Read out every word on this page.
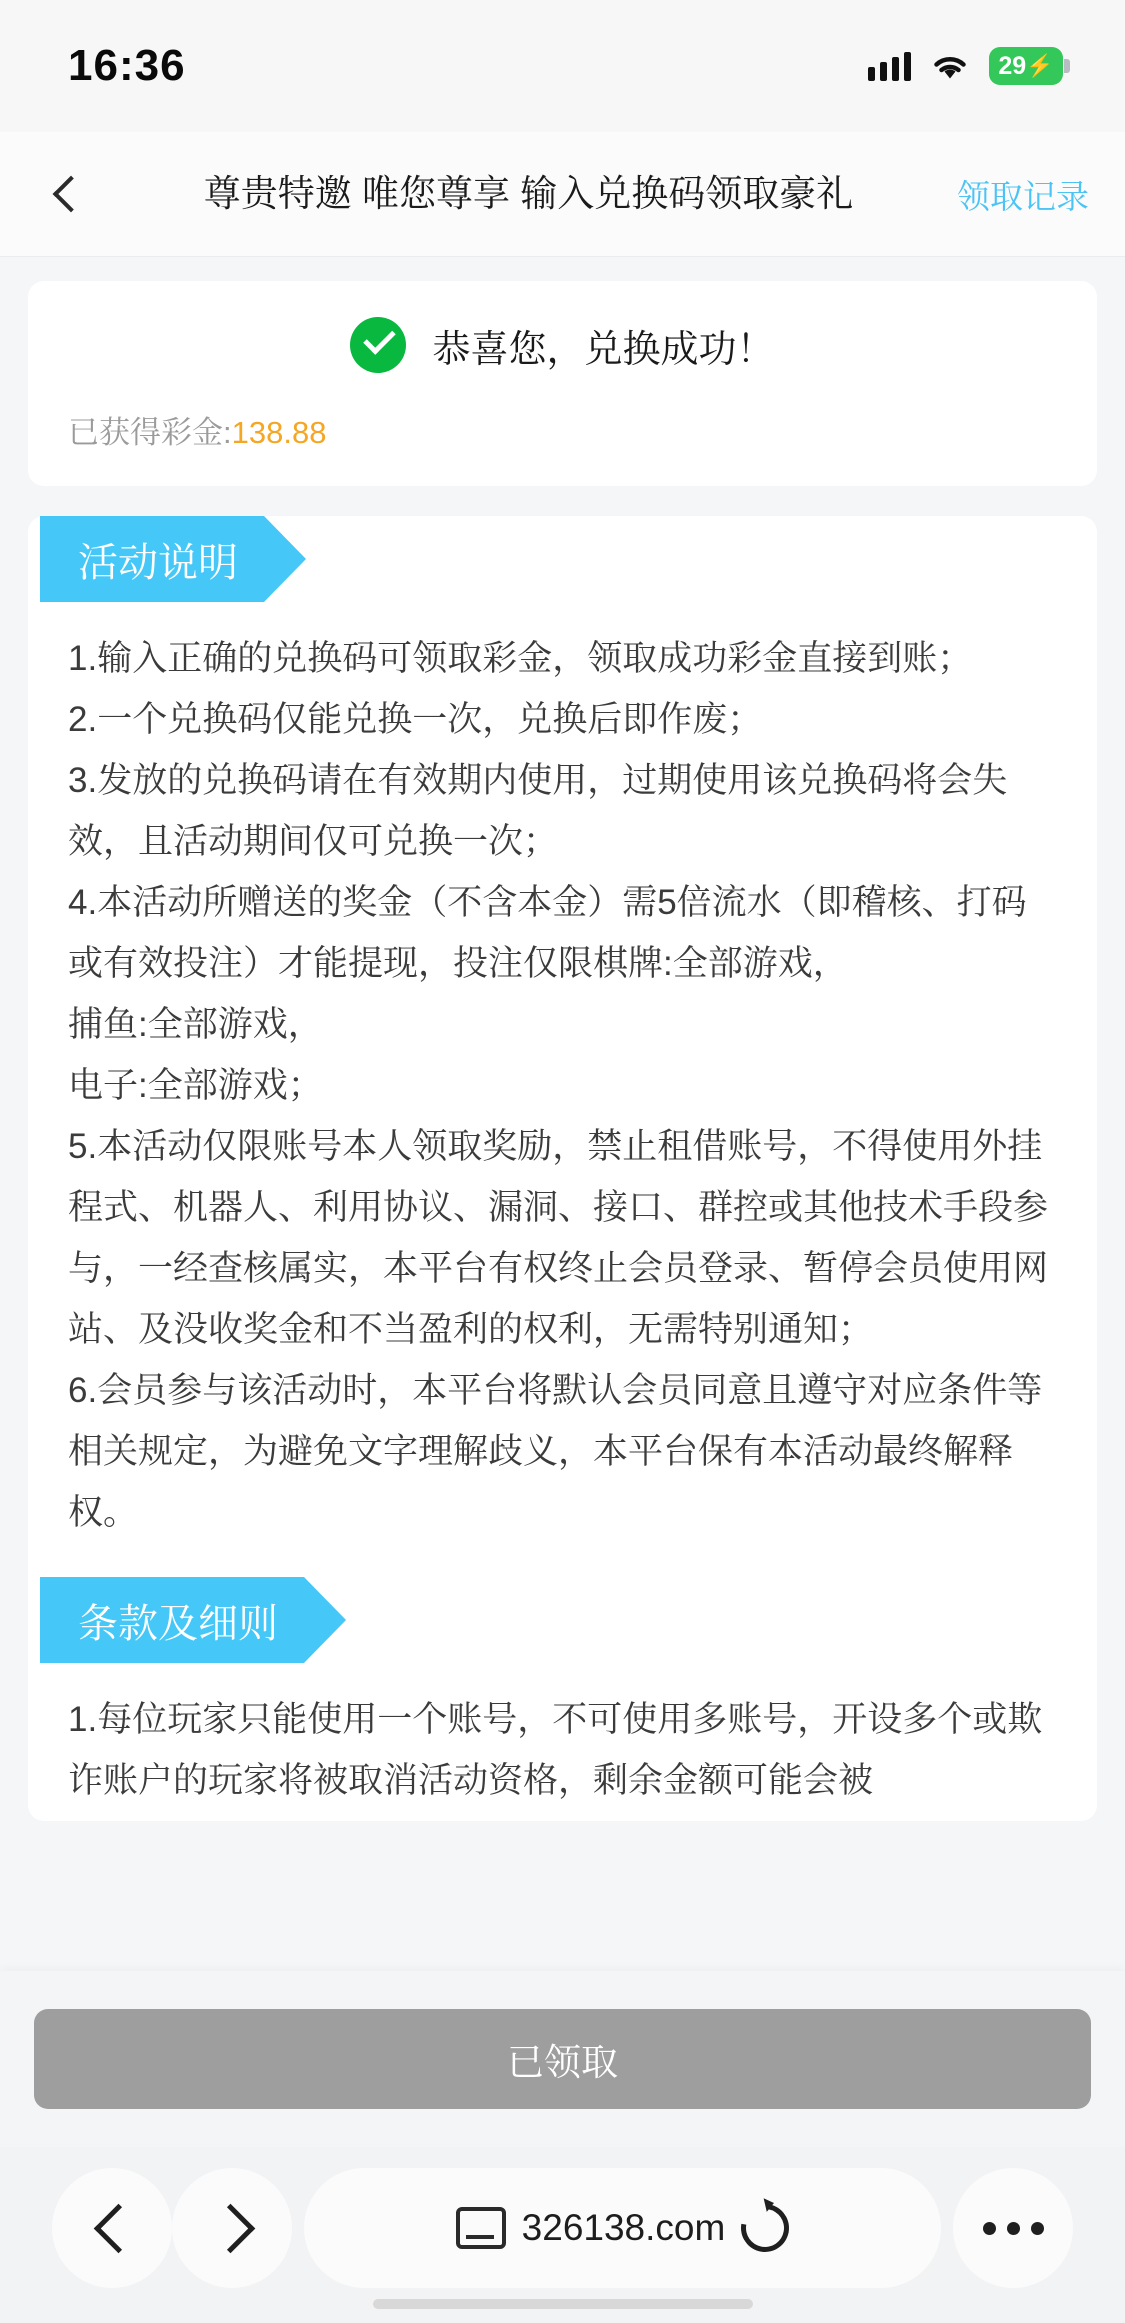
16:36	29 ⚡
尊贵特邀 唯您尊享 输入兑换码领取豪礼	领取记录
恭喜您，兑换成功！
已获得彩金:138.88
活动说明

1.输入正确的兑换码可领取彩金，领取成功彩金直接到账；

2.一个兑换码仅能兑换一次，兑换后即作废；

3.发放的兑换码请在有效期内使用，过期使用该兑换码将会失效，且活动期间仅可兑换一次；

4.本活动所赠送的奖金（不含本金）需5倍流水（即稽核、打码或有效投注）才能提现，投注仅限棋牌:全部游戏，

捕鱼:全部游戏，

电子:全部游戏；

5.本活动仅限账号本人领取奖励，禁止租借账号，不得使用外挂程式、机器人、利用协议、漏洞、接口、群控或其他技术手段参与，一经查核属实，本平台有权终止会员登录、暂停会员使用网站、及没收奖金和不当盈利的权利，无需特别通知；

6.会员参与该活动时，本平台将默认会员同意且遵守对应条件等相关规定，为避免文字理解歧义，本平台保有本活动最终解释权。

条款及细则

1.每位玩家只能使用一个账号，不可使用多账号，开设多个或欺诈账户的玩家将被取消活动资格，剩余金额可能会被

已领取
326138.com
